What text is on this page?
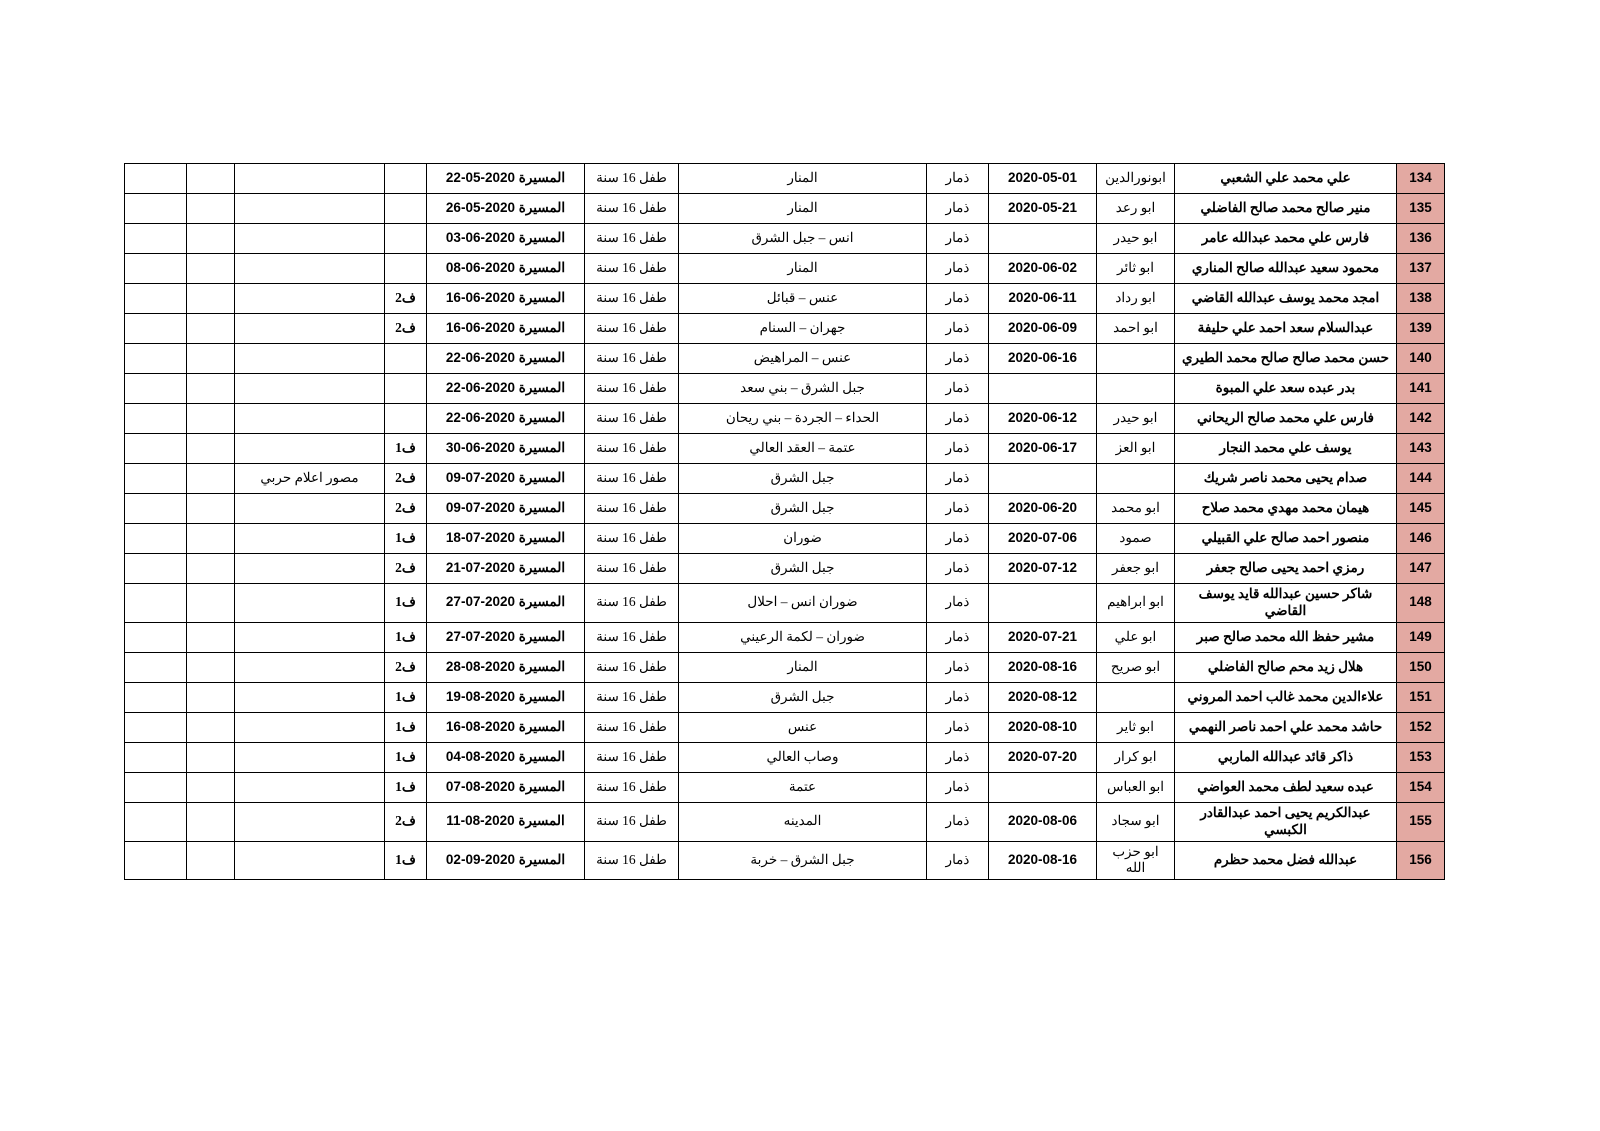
134	علي محمد علي الشعبي	ابونورالدين	2020-05-01	ذمار	المنار	طفل 16 سنة	المسيرة 2020-05-22				
135	منير صالح محمد صالح الفاضلي	ابو رعد	2020-05-21	ذمار	المنار	طفل 16 سنة	المسيرة 2020-05-26				
136	فارس علي محمد عبدالله عامر	ابو حيدر		ذمار	انس – جبل الشرق	طفل 16 سنة	المسيرة 2020-06-03				
137	محمود سعيد عبدالله صالح المناري	ابو ثائر	2020-06-02	ذمار	المنار	طفل 16 سنة	المسيرة 2020-06-08				
138	امجد محمد يوسف عبدالله القاضي	ابو رداد	2020-06-11	ذمار	عنس – قبائل	طفل 16 سنة	المسيرة 2020-06-16	ف2			
139	عبدالسلام سعد احمد علي حليفة	ابو احمد	2020-06-09	ذمار	جهران – السنام	طفل 16 سنة	المسيرة 2020-06-16	ف2			
140	حسن محمد صالح صالح محمد الطيري		2020-06-16	ذمار	عنس – المراهيض	طفل 16 سنة	المسيرة 2020-06-22				
141	بدر عبده سعد علي المبوة			ذمار	جبل الشرق – بني سعد	طفل 16 سنة	المسيرة 2020-06-22				
142	فارس علي محمد صالح الريحاني	ابو حيدر	2020-06-12	ذمار	الحداء – الجردة – بني ريحان	طفل 16 سنة	المسيرة 2020-06-22				
143	يوسف علي محمد النجار	ابو العز	2020-06-17	ذمار	عتمة – العقد العالي	طفل 16 سنة	المسيرة 2020-06-30	ف1			
144	صدام يحيى محمد ناصر شريك			ذمار	جبل الشرق	طفل 16 سنة	المسيرة 2020-07-09	ف2	مصور اعلام حربي		
145	هيمان محمد مهدي محمد صلاح	ابو محمد	2020-06-20	ذمار	جبل الشرق	طفل 16 سنة	المسيرة 2020-07-09	ف2			
146	منصور احمد صالح علي القبيلي	صمود	2020-07-06	ذمار	ضوران	طفل 16 سنة	المسيرة 2020-07-18	ف1			
147	رمزي احمد يحيى صالح جعفر	ابو جعفر	2020-07-12	ذمار	جبل الشرق	طفل 16 سنة	المسيرة 2020-07-21	ف2			
148	شاكر حسين عبدالله قايد يوسف القاضي	ابو ابراهيم		ذمار	ضوران انس – احلال	طفل 16 سنة	المسيرة 2020-07-27	ف1			
149	مشير حفظ الله محمد صالح صبر	ابو علي	2020-07-21	ذمار	ضوران – لكمة الرعيني	طفل 16 سنة	المسيرة 2020-07-27	ف1			
150	هلال زيد محم صالح الفاضلي	ابو صريح	2020-08-16	ذمار	المنار	طفل 16 سنة	المسيرة 2020-08-28	ف2			
151	علاءالدين محمد غالب احمد المروني		2020-08-12	ذمار	جبل الشرق	طفل 16 سنة	المسيرة 2020-08-19	ف1			
152	حاشد محمد علي احمد ناصر النهمي	ابو ثاير	2020-08-10	ذمار	عنس	طفل 16 سنة	المسيرة 2020-08-16	ف1			
153	ذاكر قائد عبدالله الماربي	ابو كرار	2020-07-20	ذمار	وصاب العالي	طفل 16 سنة	المسيرة 2020-08-04	ف1			
154	عبده سعيد لطف محمد العواضي	ابو العباس		ذمار	عتمة	طفل 16 سنة	المسيرة 2020-08-07	ف1			
155	عبدالكريم يحيى احمد عبدالقادر الكبسي	ابو سجاد	2020-08-06	ذمار	المدينه	طفل 16 سنة	المسيرة 2020-08-11	ف2			
156	عبدالله فضل محمد حظرم	ابو حزب الله	2020-08-16	ذمار	جبل الشرق – خربة	طفل 16 سنة	المسيرة 2020-09-02	ف1			
